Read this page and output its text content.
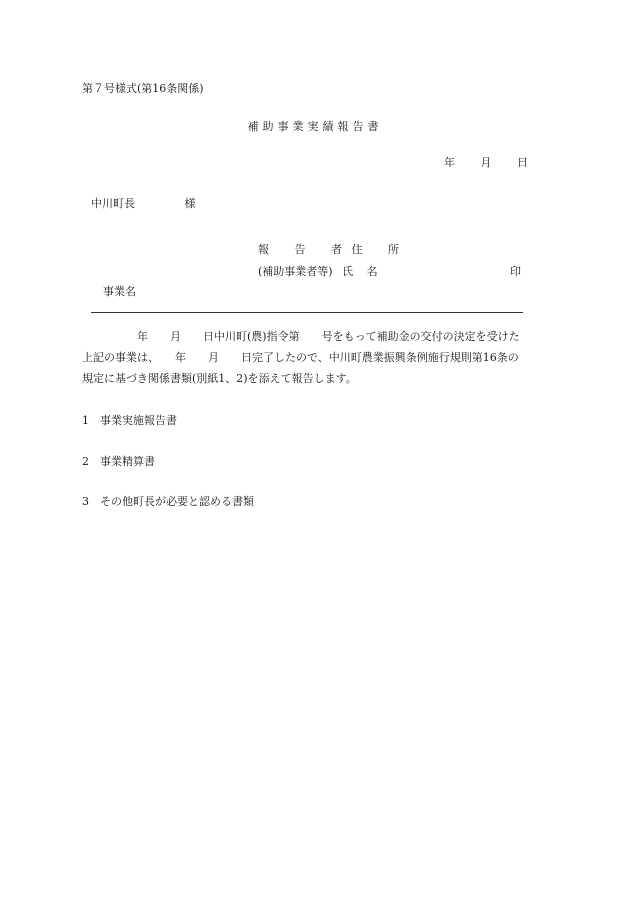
第７号様式(第16条関係)
補助事業実績報告書
年 月 日
中川町長	様
報 告 者 住 所
(補助事業者等) 氏 名	印
事業名
年 月 日中川町(農)指令第 号をもって補助金の交付の決定を受けた
上記の事業は、 年 月 日完了したので、中川町農業振興条例施行規則第16条の
規定に基づき関係書類(別紙1、2)を添えて報告します。
1 事業実施報告書
2 事業精算書
3 その他町長が必要と認める書類
